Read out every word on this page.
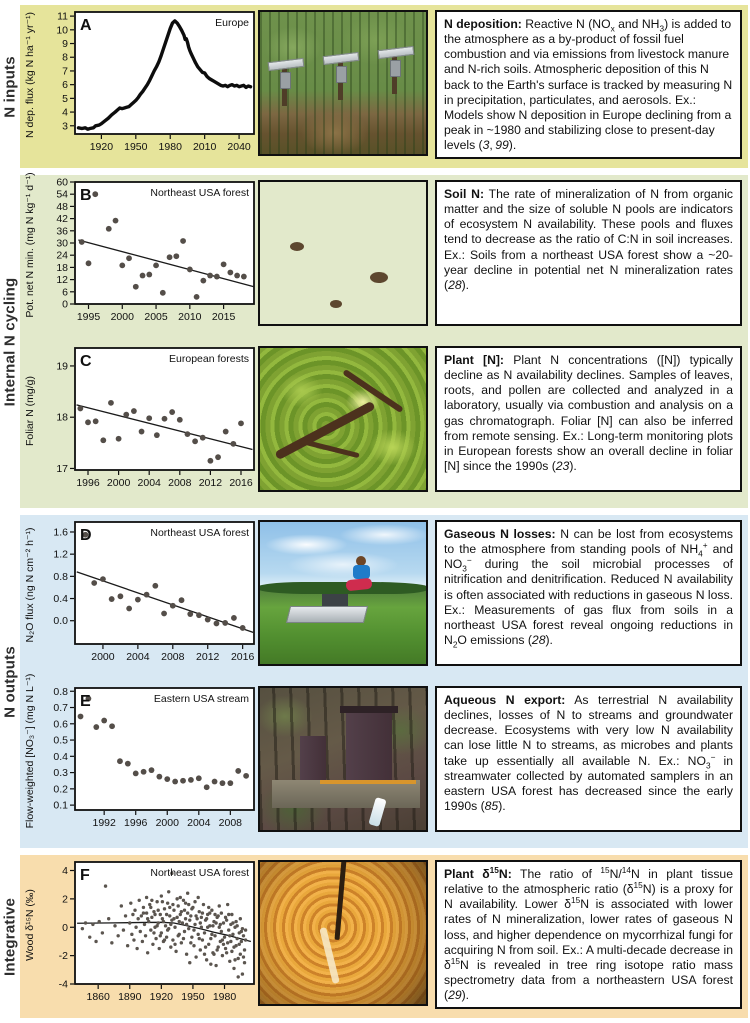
N inputs N dep. flux (kg N ha⁻¹ yr⁻¹)
1920 1950 1980 2010 2040
3
4
5
6
7
8
9
10
11
A	Europe	N deposition: Reactive N ($NO_x$ and $NH_3$) is added to the atmosphere as a by-product of fossil fuel combustion and via emissions from livestock manure and N-rich soils. Atmospheric deposition of this N back to the Earth's surface is tracked by measuring N in precipitation, particulates, and aerosols. Ex.: Models show N deposition in Europe declining from a peak in ~1980 and stabilizing close to present-day levels (3, 99).

Internal N cycling
Pot. net N min. (mg N kg⁻¹ d⁻¹)	1995 2000 2005 2010 2015
0
6
12
18
24
30
36
42
48
54
60
B	Northeast USA forest	Soil N: The rate of mineralization of N from organic matter and the size of soluble N pools are indicators of ecosystem N availability. These pools and fluxes tend to decrease as the ratio of C:N in soil increases. Ex.: Soils from a northeast USA forest show a ~20-year decline in potential net N mineralization rates (28).

Foliar N (mg/g)
1996 2000 2004 2008 2012 2016
17
18
19 C	European forests	Plant [N]: Plant N concentrations ([N]) typically decline as N availability declines. Samples of leaves, roots, and pollen are collected and analyzed in a laboratory, usually via combustion and analysis on a gas chromatograph. Foliar [N] can also be inferred from remote sensing. Ex.: Long-term monitoring plots in European forests show an overall decline in foliar [N] since the 1990s (23).

N outputs
N₂O flux (ng N cm⁻² h⁻¹)
2000 2004 2008 2012 2016
0.0
0.4
0.8
1.2
1.6 D	Northeast USA forest	Gaseous N losses: N can be lost from ecosystems to the atmosphere from standing pools of $NH_4^+$ and $NO_3^-$ during the soil microbial processes of nitrification and denitrification. Reduced N availability is often associated with reductions in gaseous N loss. Ex.: Measurements of gas flux from soils in a northeast USA forest reveal ongoing reductions in $N_2O$ emissions (28).

Flow-weighted [NO₃⁻] (mg N L⁻¹)	1992 1996 2000 2004 2008
0.1
0.2
0.3
0.4
0.5
0.6
0.7
0.8
E	Eastern USA stream	Aqueous N export: As terrestrial N availability declines, losses of N to streams and groundwater decrease. Ecosystems with very low N availability can lose little N to streams, as microbes and plants take up essentially all available N. Ex.: $NO_3^-$ in streamwater collected by automated samplers in an eastern USA forest has decreased since the early 1990s (85).

Integrative Wood δ¹⁵N (‰)
1860 1890 1920 1950 1980
-4
-2
0
2
4 F	Northeast USA forest	Plant $\delta^{15}N$: The ratio of $^{15}$N/$^{14}$N in plant tissue relative to the atmospheric ratio $(\delta^{15}N)$ is a proxy for N availability. Lower $\delta^{15}N$ is associated with lower rates of N mineralization, lower rates of gaseous N loss, and higher dependence on mycorrhizal fungi for acquiring N from soil. Ex.: A multi-decade decrease in $\delta^{15}N$ is revealed in tree ring isotope ratio mass spectrometry data from a northeastern USA forest (29).
